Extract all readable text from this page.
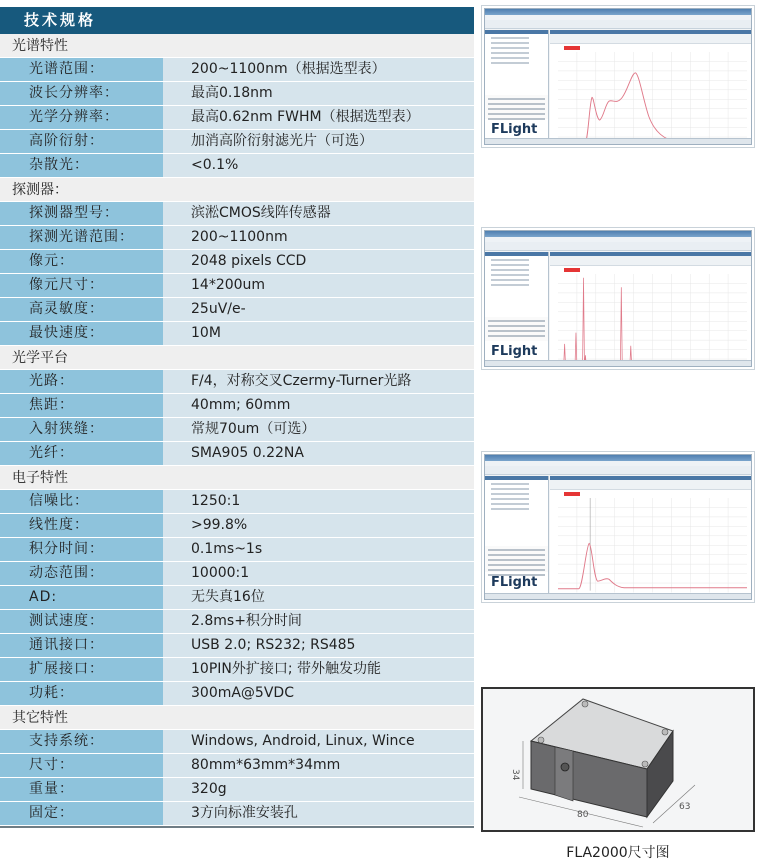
技术规格
光谱特性
光谱范围：	200~1100nm（根据选型表）
波长分辨率：	最高0.18nm
光学分辨率：	最高0.62nm FWHM（根据选型表）
高阶衍射：	加消高阶衍射滤光片（可选）
杂散光：	<0.1%
探测器：
探测器型号：	滨淞CMOS线阵传感器
探测光谱范围：	200~1100nm
像元：	2048 pixels CCD
像元尺寸：	14*200um
高灵敏度：	25uV/e-
最快速度：	10M
光学平台
光路：	F/4，对称交叉Czermy-Turner光路
焦距：	40mm; 60mm
入射狭缝：	常规70um（可选）
光纤：	SMA905 0.22NA
电子特性
信噪比：	1250:1
线性度：	>99.8%
积分时间：	0.1ms~1s
动态范围：	10000:1
AD:	无失真16位
测试速度：	2.8ms+积分时间
通讯接口：	USB 2.0; RS232; RS485
扩展接口：	10PIN外扩接口; 带外触发功能
功耗：	300mA@5VDC
其它特性
支持系统：	Windows, Android, Linux, Wince
尺寸：	80mm*63mm*34mm
重量：	320g
固定：	3方向标准安装孔
FLight
FLight
FLight
34
80
63
FLA2000尺寸图
